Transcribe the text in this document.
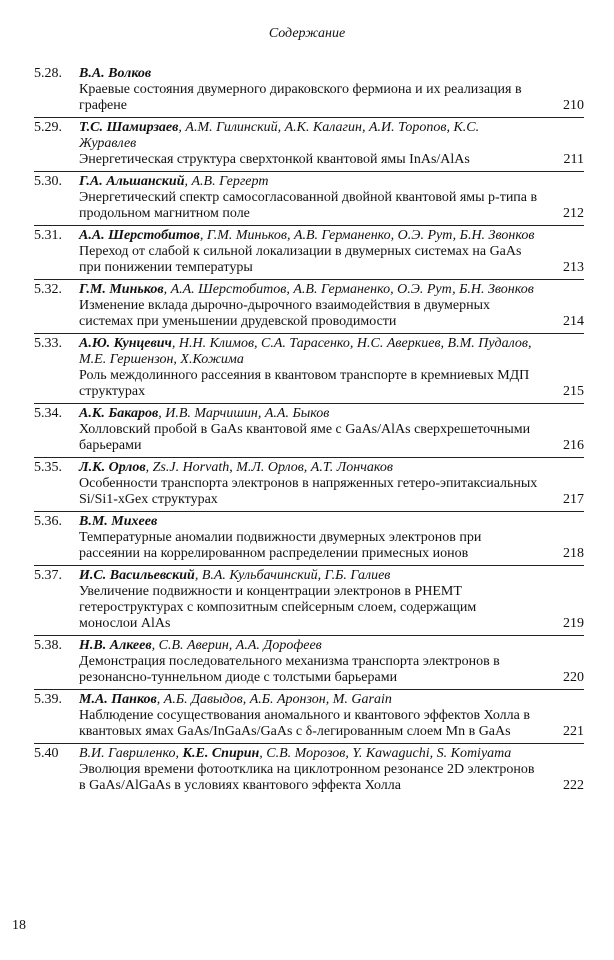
Содержание
5.28.	В.А. Волков
Краевые состояния двумерного дираковского фермиона и их реализация в графене	210
5.29.	Т.С. Шамирзаев, А.М. Гилинский, А.К. Калагин, А.И. Торопов, К.С. Журавлев
Энергетическая структура сверхтонкой квантовой ямы InAs/AlAs	211
5.30.	Г.А. Альшанский, А.В. Гергерт
Энергетический спектр самосогласованной двойной квантовой ямы p-типа в продольном магнитном поле	212
5.31.	А.А. Шерстобитов, Г.М. Миньков, А.В. Германенко, О.Э. Рут, Б.Н. Звонков
Переход от слабой к сильной локализации в двумерных системах на GaAs при понижении температуры	213
5.32.	Г.М. Миньков, А.А. Шерстобитов, А.В. Германенко, О.Э. Рут, Б.Н. Звонков
Изменение вклада дырочно-дырочного взаимодействия в двумерных системах при уменьшении друдевской проводимости	214
5.33.	А.Ю. Кунцевич, Н.Н. Климов, С.А. Тарасенко, Н.С. Аверкиев, В.М. Пудалов, М.Е. Гершензон, Х.Кожима
Роль междолинного рассеяния в квантовом транспорте в кремниевых МДП структурах	215
5.34.	А.К. Бакаров, И.В. Марчишин, А.А. Быков
Холловский пробой в GaAs квантовой яме с GaAs/AlAs сверхрешеточными барьерами	216
5.35.	Л.К. Орлов, Zs.J. Horvath, М.Л. Орлов, А.Т. Лончаков
Особенности транспорта электронов в напряженных гетеро-эпитаксиальных Si/Si1-xGex структурах	217
5.36.	В.М. Михеев
Температурные аномалии подвижности двумерных электронов при рассеянии на коррелированном распределении примесных ионов	218
5.37.	И.С. Васильевский, В.А. Кульбачинский, Г.Б. Галиев
Увеличение подвижности и концентрации электронов в PHEMT гетероструктурах с композитным спейсерным слоем, содержащим монослои AlAs	219
5.38.	Н.В. Алкеев, С.В. Аверин, А.А. Дорофеев
Демонстрация последовательного механизма транспорта электронов в резонансно-туннельном диоде с толстыми барьерами	220
5.39.	М.А. Панков, А.Б. Давыдов, А.Б. Аронзон, M. Garain
Наблюдение сосуществования аномального и квантового эффектов Холла в квантовых ямах GaAs/InGaAs/GaAs с δ-легированным слоем Mn в GaAs	221
5.40	В.И. Гавриленко, К.Е. Спирин, С.В. Морозов, Y. Kawaguchi, S. Komiyama
Эволюция времени фотоотклика на циклотронном резонансе 2D электронов в GaAs/AlGaAs в условиях квантового эффекта Холла	222
18
